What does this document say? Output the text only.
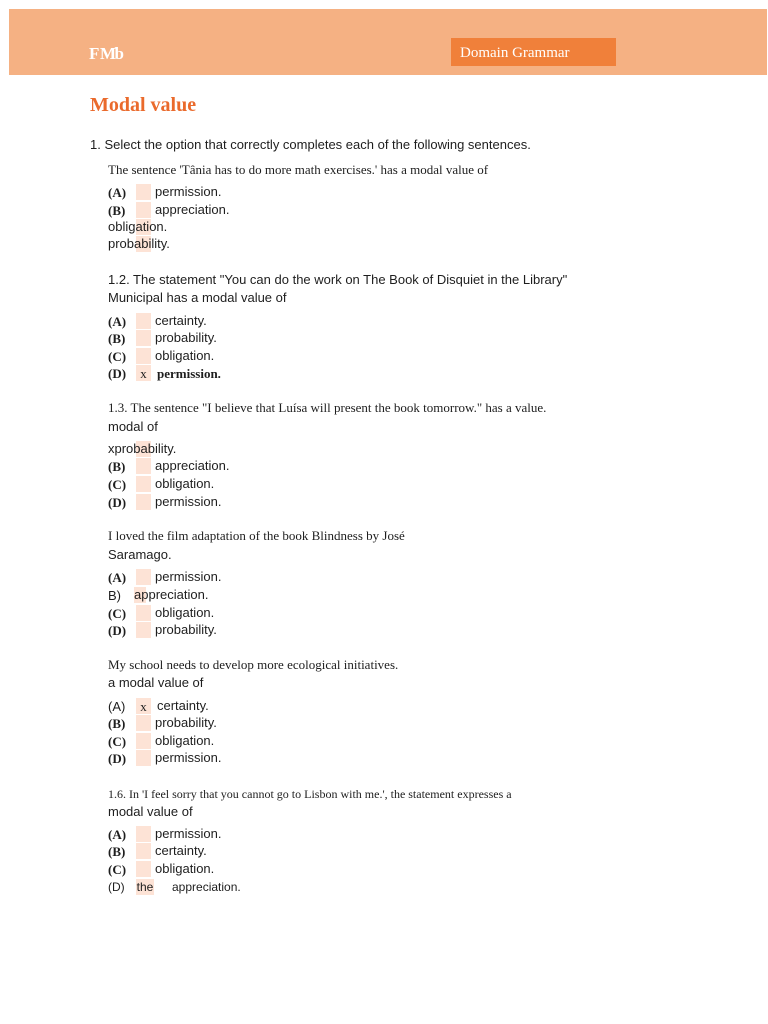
F Mb	Domain Grammar
Modal value
1. Select the option that correctly completes each of the following sentences.
The sentence 'Tânia has to do more math exercises.' has a modal value of
(A)	permission.
(B)	appreciation.
obligation.
probability.
1.2. The statement "You can do the work on The Book of Disquiet in the Library"
Municipal has a modal value of
(A)	certainty.
(B)	probability.
(C)	obligation.
(D)	x permission.
1.3. The sentence "I believe that Luísa will present the book tomorrow." has a value.
modal of
xprobability.
(B)	appreciation.
(C)	obligation.
(D)	permission.
I loved the film adaptation of the book Blindness by José
Saramago.
(A)	permission.
B)	appreciation.
(C)	obligation.
(D)	probability.
My school needs to develop more ecological initiatives.
a modal value of
(A)	x certainty.
(B)	probability.
(C)	obligation.
(D)	permission.
1.6. In 'I feel sorry that you cannot go to Lisbon with me.', the statement expresses a
modal value of
(A)	permission.
(B)	certainty.
(C)	obligation.
(D) the appreciation.
